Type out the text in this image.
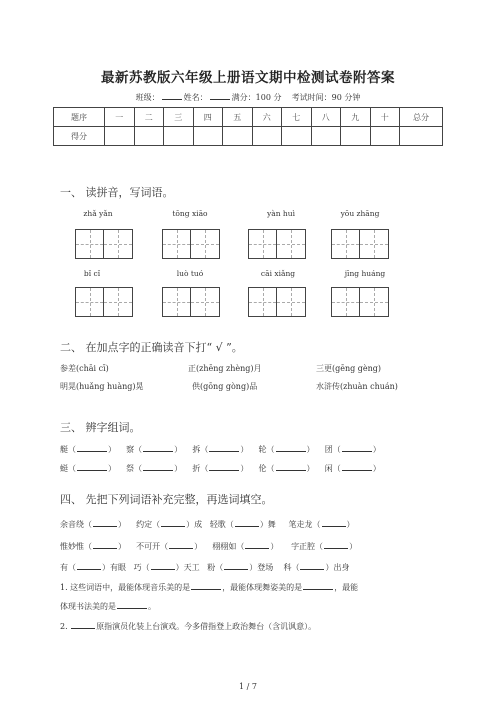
最新苏教版六年级上册语文期中检测试卷附答案
班级：	姓名：	满分：100 分 考试时间：90 分钟
题序	一	二	三	四	五	六	七	八	九	十	总分
得分											
一、 读拼音，写词语。
zhǎ yǎn	tōng xiāo	yàn huì	yōu zhāng
bǐ cǐ	luò tuó	cāi xiǎng	jīng huáng
二、 在加点字的正确读音下打“ √ ”。
参差(chāi cī)	正(zhēng zhèng)月	三更(gēng gèng)
明晃(huǎng huàng)晃	供(gōng gòng)品	水浒传(zhuàn chuán)
三、 辨字组词。
艇（	）    察（	）    拆（	）    轮（	）    团（	）
蜓（	）    祭（	）    折（	）    伦（	）    闲（	）
四、 先把下列词语补充完整，再选词填空。
余音绕（	） 约定（	）成 轻歌（	）舞 笔走龙（	）
惟妙惟（	） 不可开（	） 栩栩如（	） 字正腔（	）
有（	）有眼 巧（	）天工 粉（	）登场 科（	）出身
1. 这些词语中，最能体现音乐美的是	，最能体现舞姿美的是	，最能
体现书法美的是	。
2.	原指演员化装上台演戏。今多借指登上政治舞台（含讥讽意）。
1 / 7
